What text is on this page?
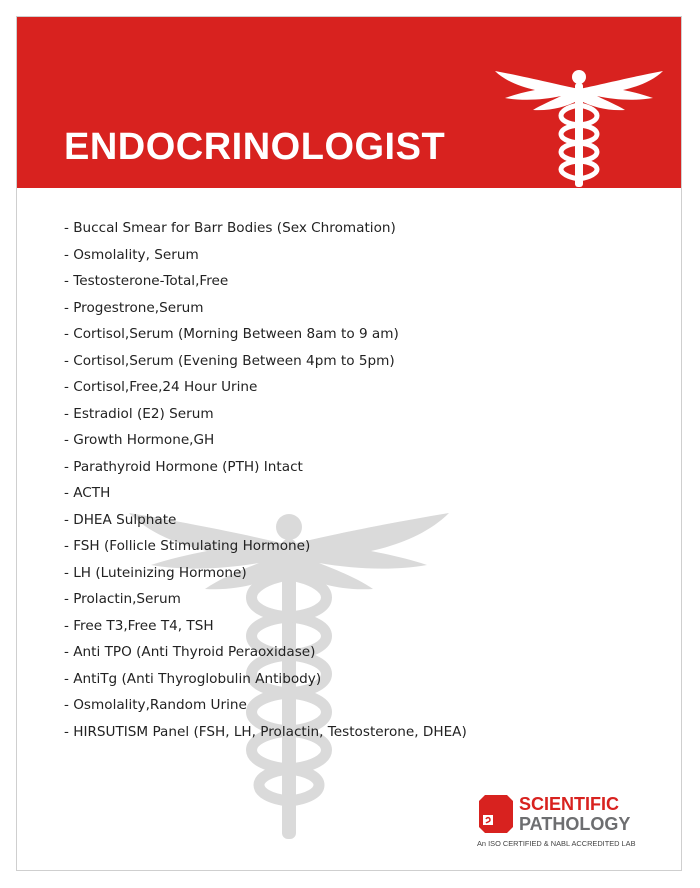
ENDOCRINOLOGIST
- Buccal Smear for Barr Bodies (Sex Chromation)
- Osmolality, Serum
- Testosterone-Total,Free
- Progestrone,Serum
- Cortisol,Serum (Morning Between 8am to 9 am)
- Cortisol,Serum (Evening Between 4pm to 5pm)
- Cortisol,Free,24 Hour Urine
- Estradiol (E2) Serum
- Growth Hormone,GH
- Parathyroid Hormone (PTH) Intact
- ACTH
- DHEA Sulphate
- FSH (Follicle Stimulating Hormone)
- LH (Luteinizing Hormone)
- Prolactin,Serum
- Free T3,Free T4, TSH
- Anti TPO (Anti Thyroid Peraoxidase)
- AntiTg (Anti Thyroglobulin Antibody)
- Osmolality,Random Urine
- HIRSUTISM Panel (FSH, LH, Prolactin, Testosterone, DHEA)
SCIENTIFIC
PATHOLOGY
An ISO CERTIFIED & NABL ACCREDITED LAB
